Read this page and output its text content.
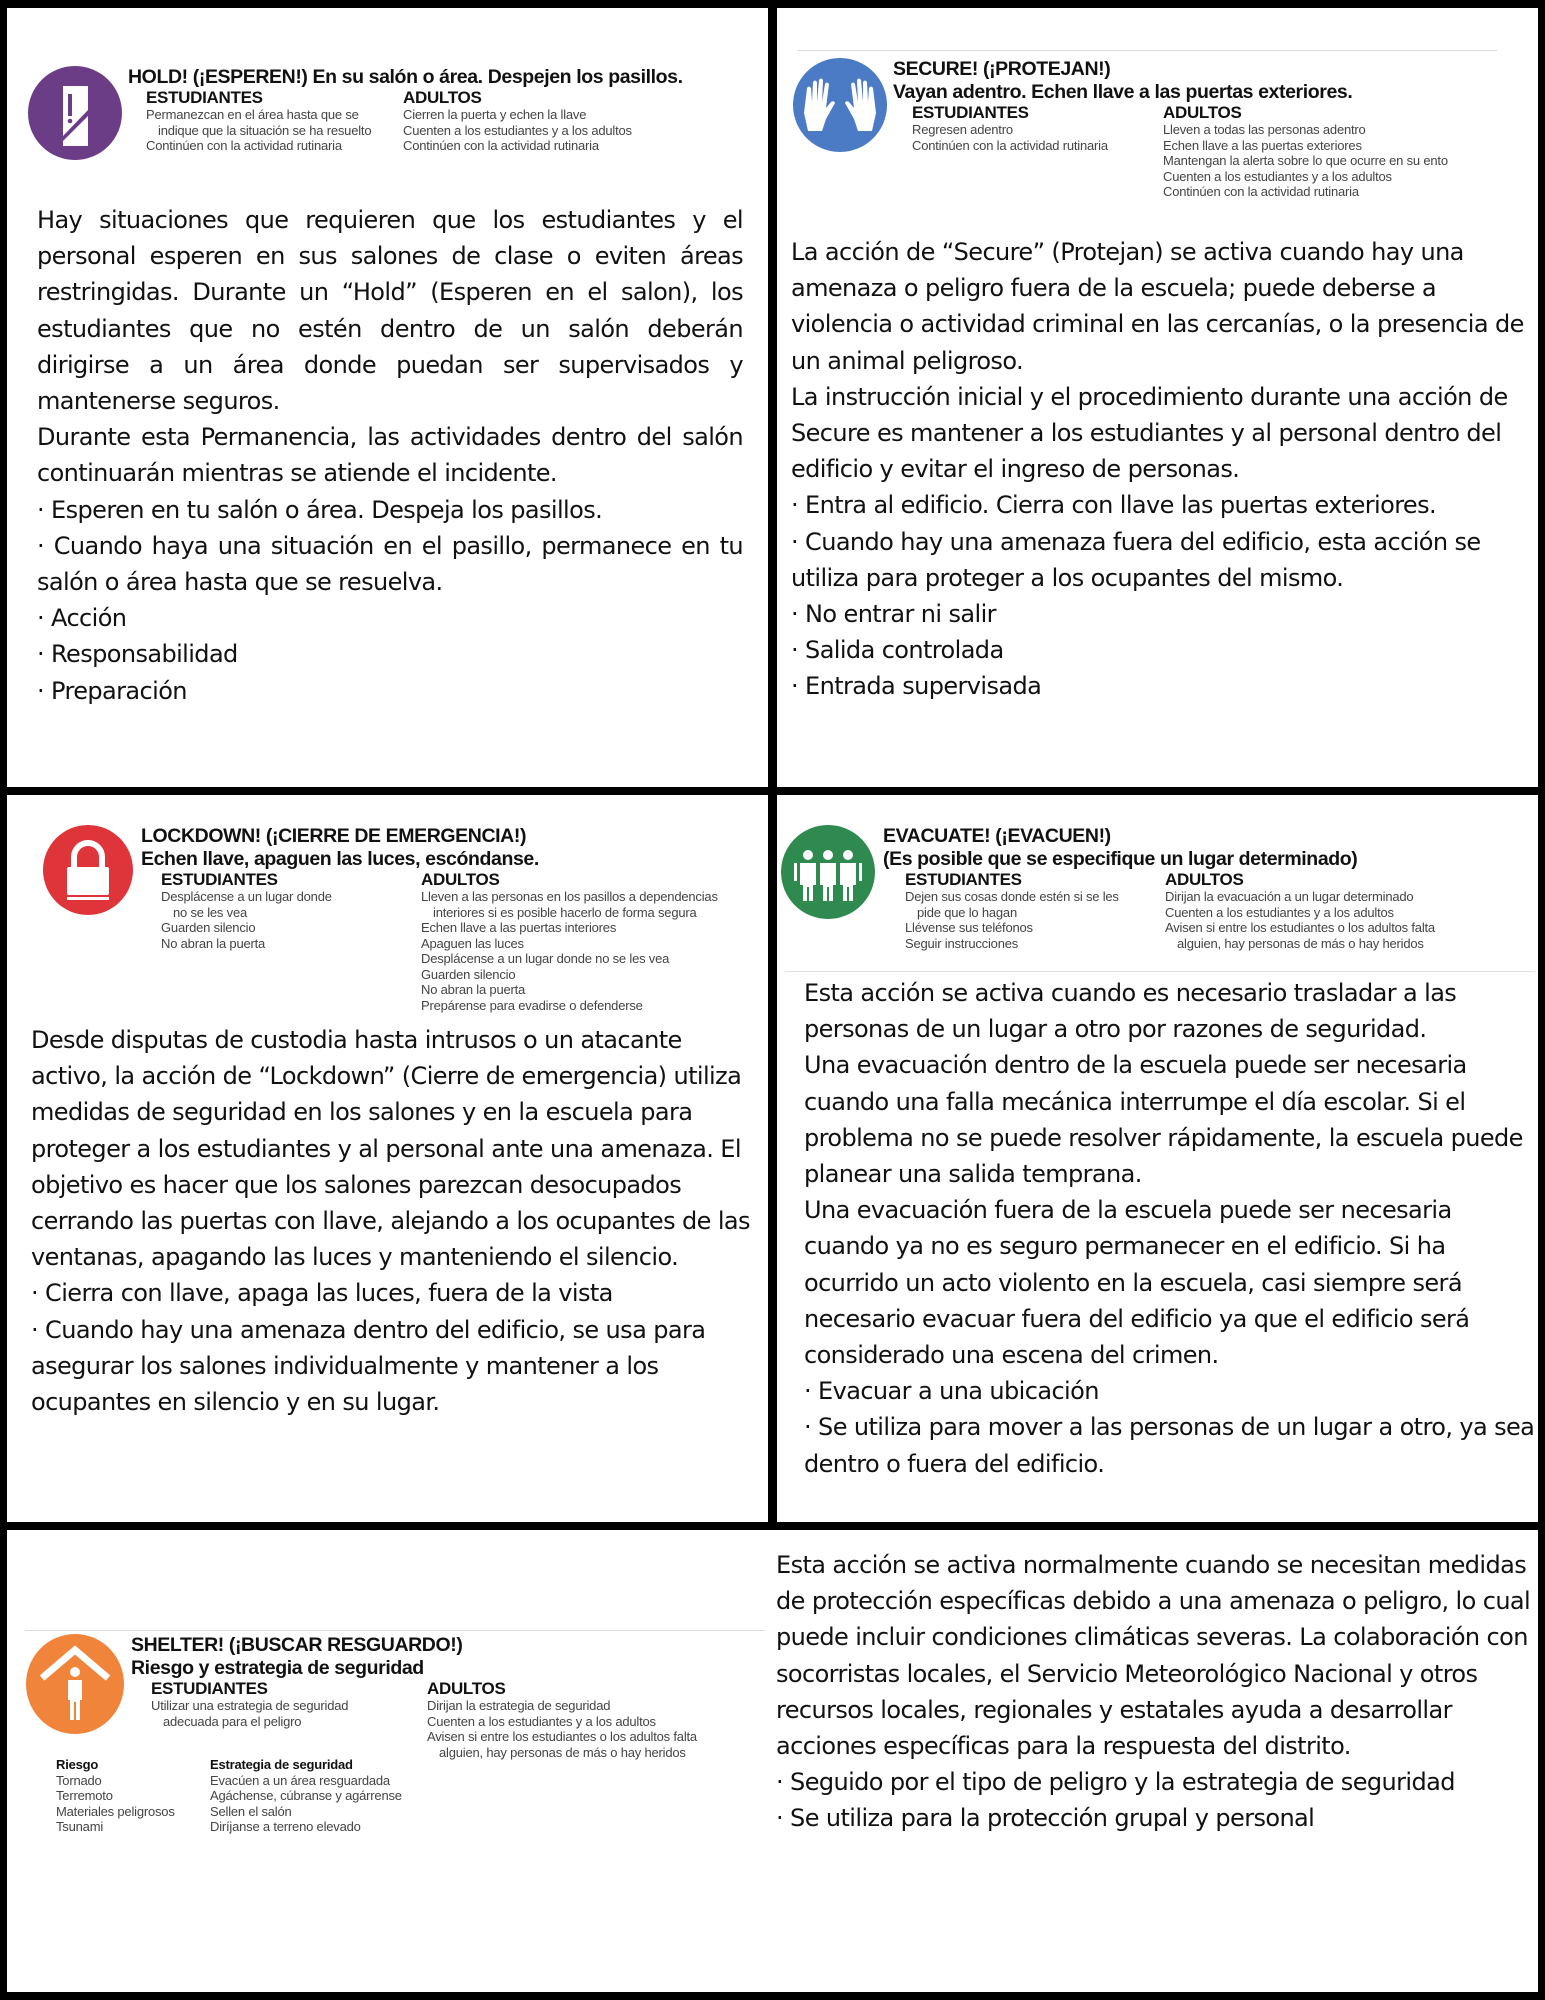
HOLD! (¡ESPEREN!) En su salón o área. Despejen los pasillos.
ESTUDIANTES
Permanezcan en el área hasta que se
indique que la situación se ha resuelto
Continúen con la actividad rutinaria
ADULTOS
Cierren la puerta y echen la llave
Cuenten a los estudiantes y a los adultos
Continúen con la actividad rutinaria

Hay situaciones que requieren que los estudiantes y el personal esperen en sus salones de clase o eviten áreas restringidas. Durante un “Hold” (Esperen en el salon), los estudiantes que no estén dentro de un salón deberán dirigirse a un área donde puedan ser supervisados y mantenerse seguros.

Durante esta Permanencia, las actividades dentro del salón continuarán mientras se atiende el incidente.

· Esperen en tu salón o área. Despeja los pasillos.

· Cuando haya una situación en el pasillo, permanece en tu salón o área hasta que se resuelva.

· Acción

· Responsabilidad

· Preparación

SECURE! (¡PROTEJAN!)
Vayan adentro. Echen llave a las puertas exteriores.
ESTUDIANTES
Regresen adentro
Continúen con la actividad rutinaria
ADULTOS
Lleven a todas las personas adentro
Echen llave a las puertas exteriores
Mantengan la alerta sobre lo que ocurre en su ento
Cuenten a los estudiantes y a los adultos
Continúen con la actividad rutinaria

La acción de “Secure” (Protejan) se activa cuando hay una amenaza o peligro fuera de la escuela; puede deberse a violencia o actividad criminal en las cercanías, o la presencia de un animal peligroso.

La instrucción inicial y el procedimiento durante una acción de Secure es mantener a los estudiantes y al personal dentro del edificio y evitar el ingreso de personas.

· Entra al edificio. Cierra con llave las puertas exteriores.

· Cuando hay una amenaza fuera del edificio, esta acción se utiliza para proteger a los ocupantes del mismo.

· No entrar ni salir

· Salida controlada

· Entrada supervisada

LOCKDOWN! (¡CIERRE DE EMERGENCIA!)
Echen llave, apaguen las luces, escóndanse.
ESTUDIANTES
Desplácense a un lugar donde
no se les vea
Guarden silencio
No abran la puerta
ADULTOS
Lleven a las personas en los pasillos a dependencias
interiores si es posible hacerlo de forma segura
Echen llave a las puertas interiores
Apaguen las luces
Desplácense a un lugar donde no se les vea
Guarden silencio
No abran la puerta
Prepárense para evadirse o defenderse

Desde disputas de custodia hasta intrusos o un atacante activo, la acción de “Lockdown” (Cierre de emergencia) utiliza medidas de seguridad en los salones y en la escuela para proteger a los estudiantes y al personal ante una amenaza. El objetivo es hacer que los salones parezcan desocupados cerrando las puertas con llave, alejando a los ocupantes de las ventanas, apagando las luces y manteniendo el silencio.

· Cierra con llave, apaga las luces, fuera de la vista

· Cuando hay una amenaza dentro del edificio, se usa para asegurar los salones individualmente y mantener a los ocupantes en silencio y en su lugar.

EVACUATE! (¡EVACUEN!)
(Es posible que se especifique un lugar determinado)
ESTUDIANTES
Dejen sus cosas donde estén si se les
pide que lo hagan
Llévense sus teléfonos
Seguir instrucciones
ADULTOS
Dirijan la evacuación a un lugar determinado
Cuenten a los estudiantes y a los adultos
Avisen si entre los estudiantes o los adultos falta
alguien, hay personas de más o hay heridos

Esta acción se activa cuando es necesario trasladar a las personas de un lugar a otro por razones de seguridad.

Una evacuación dentro de la escuela puede ser necesaria cuando una falla mecánica interrumpe el día escolar. Si el problema no se puede resolver rápidamente, la escuela puede planear una salida temprana.

Una evacuación fuera de la escuela puede ser necesaria cuando ya no es seguro permanecer en el edificio. Si ha ocurrido un acto violento en la escuela, casi siempre será necesario evacuar fuera del edificio ya que el edificio será considerado una escena del crimen.

· Evacuar a una ubicación

· Se utiliza para mover a las personas de un lugar a otro, ya sea dentro o fuera del edificio.

SHELTER! (¡BUSCAR RESGUARDO!)
Riesgo y estrategia de seguridad
ESTUDIANTES
Utilizar una estrategia de seguridad
adecuada para el peligro
ADULTOS
Dirijan la estrategia de seguridad
Cuenten a los estudiantes y a los adultos
Avisen si entre los estudiantes o los adultos falta
alguien, hay personas de más o hay heridos
Riesgo
Tornado
Terremoto
Materiales peligrosos
Tsunami
Estrategia de seguridad
Evacúen a un área resguardada
Agáchense, cúbranse y agárrense
Sellen el salón
Diríjanse a terreno elevado

Esta acción se activa normalmente cuando se necesitan medidas de protección específicas debido a una amenaza o peligro, lo cual puede incluir condiciones climáticas severas. La colaboración con socorristas locales, el Servicio Meteorológico Nacional y otros recursos locales, regionales y estatales ayuda a desarrollar acciones específicas para la respuesta del distrito.

· Seguido por el tipo de peligro y la estrategia de seguridad

· Se utiliza para la protección grupal y personal
